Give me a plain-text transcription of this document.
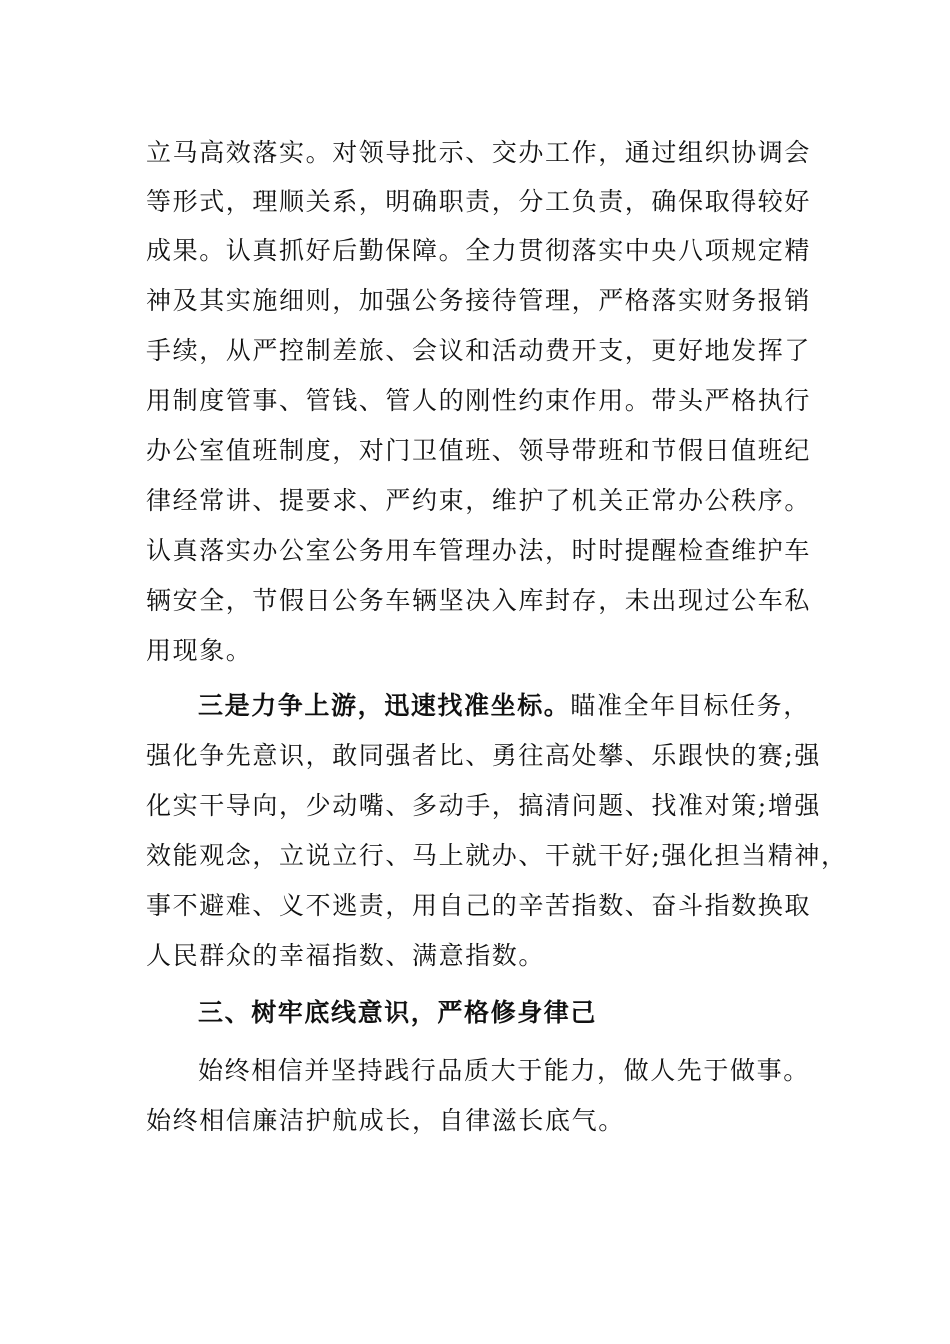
立马高效落实。对领导批示、交办工作，通过组织协调会
等形式，理顺关系，明确职责，分工负责，确保取得较好
成果。认真抓好后勤保障。全力贯彻落实中央八项规定精
神及其实施细则，加强公务接待管理，严格落实财务报销
手续，从严控制差旅、会议和活动费开支，更好地发挥了
用制度管事、管钱、管人的刚性约束作用。带头严格执行
办公室值班制度，对门卫值班、领导带班和节假日值班纪
律经常讲、提要求、严约束，维护了机关正常办公秩序。
认真落实办公室公务用车管理办法，时时提醒检查维护车
辆安全，节假日公务车辆坚决入库封存，未出现过公车私
用现象。
三是力争上游，迅速找准坐标。瞄准全年目标任务，
强化争先意识，敢同强者比、勇往高处攀、乐跟快的赛;强
化实干导向，少动嘴、多动手，搞清问题、找准对策;增强
效能观念，立说立行、马上就办、干就干好;强化担当精神，
事不避难、义不逃责，用自己的辛苦指数、奋斗指数换取
人民群众的幸福指数、满意指数。
三、树牢底线意识，严格修身律己
始终相信并坚持践行品质大于能力，做人先于做事。
始终相信廉洁护航成长，自律滋长底气。
